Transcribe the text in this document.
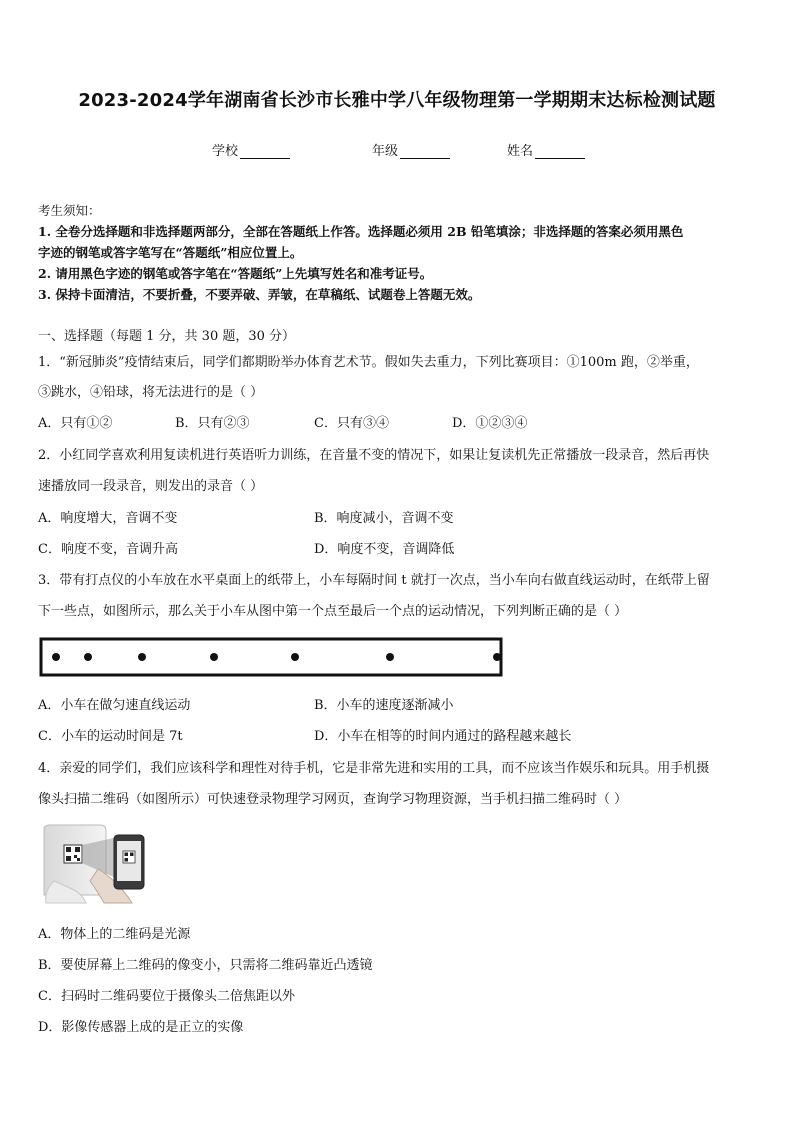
2023-2024学年湖南省长沙市长雅中学八年级物理第一学期期末达标检测试题
学校	年级	姓名
考生须知：
1. 全卷分选择题和非选择题两部分，全部在答题纸上作答。选择题必须用 2B 铅笔填涂；非选择题的答案必须用黑色
字迹的钢笔或答字笔写在“答题纸”相应位置上。
2. 请用黑色字迹的钢笔或答字笔在“答题纸”上先填写姓名和准考证号。
3. 保持卡面清洁，不要折叠，不要弄破、弄皱，在草稿纸、试题卷上答题无效。
一、选择题（每题 1 分，共 30 题，30 分）
1．“新冠肺炎”疫情结束后，同学们都期盼举办体育艺术节。假如失去重力，下列比赛项目：①100m 跑，②举重，
③跳水，④铅球，将无法进行的是（ ）
A．只有①②	B．只有②③	C．只有③④	D．①②③④
2．小红同学喜欢利用复读机进行英语听力训练，在音量不变的情况下，如果让复读机先正常播放一段录音，然后再快
速播放同一段录音，则发出的录音（ ）
A．响度增大，音调不变	B．响度减小，音调不变
C．响度不变，音调升高	D．响度不变，音调降低
3．带有打点仪的小车放在水平桌面上的纸带上，小车每隔时间 t 就打一次点，当小车向右做直线运动时，在纸带上留
下一些点，如图所示，那么关于小车从图中第一个点至最后一个点的运动情况，下列判断正确的是（ ）
A．小车在做匀速直线运动	B．小车的速度逐渐减小
C．小车的运动时间是 7t	D．小车在相等的时间内通过的路程越来越长
4．亲爱的同学们，我们应该科学和理性对待手机，它是非常先进和实用的工具，而不应该当作娱乐和玩具。用手机摄
像头扫描二维码（如图所示）可快速登录物理学习网页，查询学习物理资源，当手机扫描二维码时（ ）
A．物体上的二维码是光源
B．要使屏幕上二维码的像变小，只需将二维码靠近凸透镜
C．扫码时二维码要位于摄像头二倍焦距以外
D．影像传感器上成的是正立的实像
